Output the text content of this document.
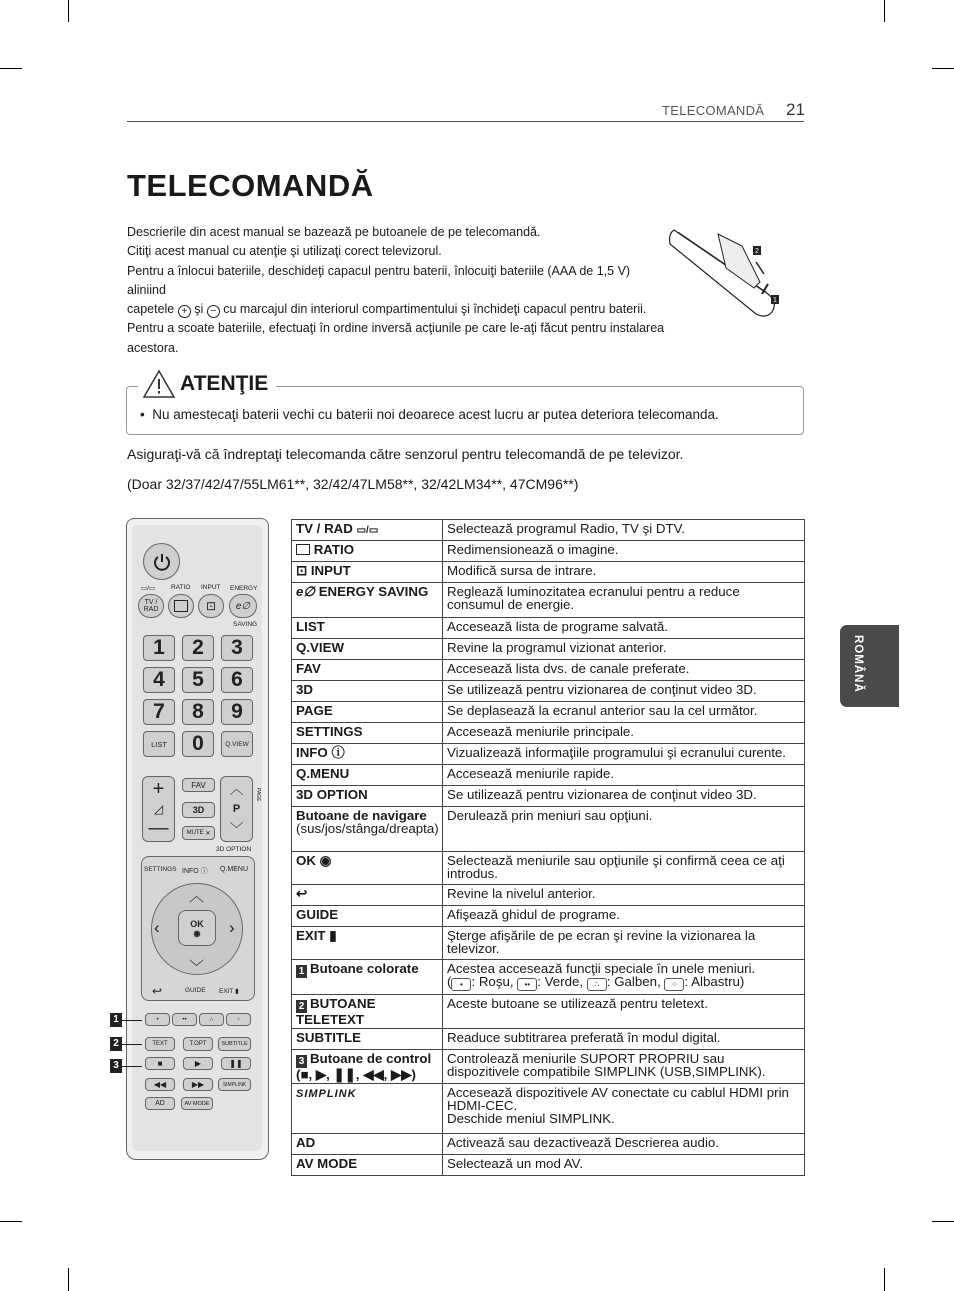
TELECOMANDĂ 21
ROMÂNĂ
TELECOMANDĂ

Descrierile din acest manual se bazează pe butoanele de pe telecomandă.

Citiţi acest manual cu atenţie şi utilizaţi corect televizorul.

Pentru a înlocui bateriile, deschideţi capacul pentru baterii, înlocuiţi bateriile (AAA de 1,5 V) aliniind

capetele + şi − cu marcajul din interiorul compartimentului şi închideţi capacul pentru baterii.

Pentru a scoate bateriile, efectuaţi în ordine inversă acţiunile pe care le-aţi făcut pentru instalarea

acestora.

2
1
ATENŢIE
•  Nu amestecaţi baterii vechi cu baterii noi deoarece acest lucru ar putea deteriora telecomanda.
Asiguraţi-vă că îndreptaţi telecomanda către senzorul pentru telecomandă de pe televizor.
(Doar 32/37/42/47/55LM61**, 32/42/47LM58**, 32/42LM34**, 47CM96**)
▭/▭ RATIO INPUT ENERGY
TV / RAD	⊡ e∅
SAVING
1	2	3
4	5	6
7	8	9
LIST	0	Q.VIEW
+
◿
—
FAV
3D
MUTE
✕
︿
P
﹀
PAGE
3D OPTION
SETTINGS INFO ⓘ Q.MENU
︿
﹀
‹	›
OK
◉
↩	GUIDE EXIT ▮
•	••	∴	⁘
TEXT	T.OPT	SUBTITLE
■	▶	❚❚
◀◀	▶▶	SIMPLINK
AD	AV MODE
1
2
3
TV / RAD ▭/▭	Selectează programul Radio, TV şi DTV.
RATIO	Redimensionează o imagine.
⊡ INPUT	Modifică sursa de intrare.
e∅ ENERGY SAVING	Reglează luminozitatea ecranului pentru a reduce consumul de energie.
LIST	Accesează lista de programe salvată.
Q.VIEW	Revine la programul vizionat anterior.
FAV	Accesează lista dvs. de canale preferate.
3D	Se utilizează pentru vizionarea de conţinut video 3D.
PAGE	Se deplasează la ecranul anterior sau la cel următor.
SETTINGS	Accesează meniurile principale.
INFO ⓘ	Vizualizează informaţiile programului şi ecranului curente.
Q.MENU	Accesează meniurile rapide.
3D OPTION	Se utilizează pentru vizionarea de conţinut video 3D.
Butoane de navigare
(sus/jos/stânga/dreapta)	Derulează prin meniuri sau opţiuni.
OK ◉	Selectează meniurile sau opţiunile şi confirmă ceea ce aţi introdus.
↩	Revine la nivelul anterior.
GUIDE	Afişează ghidul de programe.
EXIT ▮	Şterge afişările de pe ecran şi revine la vizionarea la televizor.
1 Butoane colorate	Acestea accesează funcţii speciale în unele meniuri.
( • : Roşu, •• : Verde, ∴ : Galben, ⁘ : Albastru)
2 BUTOANE TELETEXT	Aceste butoane se utilizează pentru teletext.
SUBTITLE	Readuce subtitrarea preferată în modul digital.
3 Butoane de control
(■, ▶, ❚❚, ◀◀, ▶▶)	Controlează meniurile SUPORT PROPRIU sau dispozitivele compatibile SIMPLINK (USB,SIMPLINK).
SIMPLINK	Accesează dispozitivele AV conectate cu cablul HDMI prin HDMI-CEC.
Deschide meniul SIMPLINK.
AD	Activează sau dezactivează Descrierea audio.
AV MODE	Selectează un mod AV.
